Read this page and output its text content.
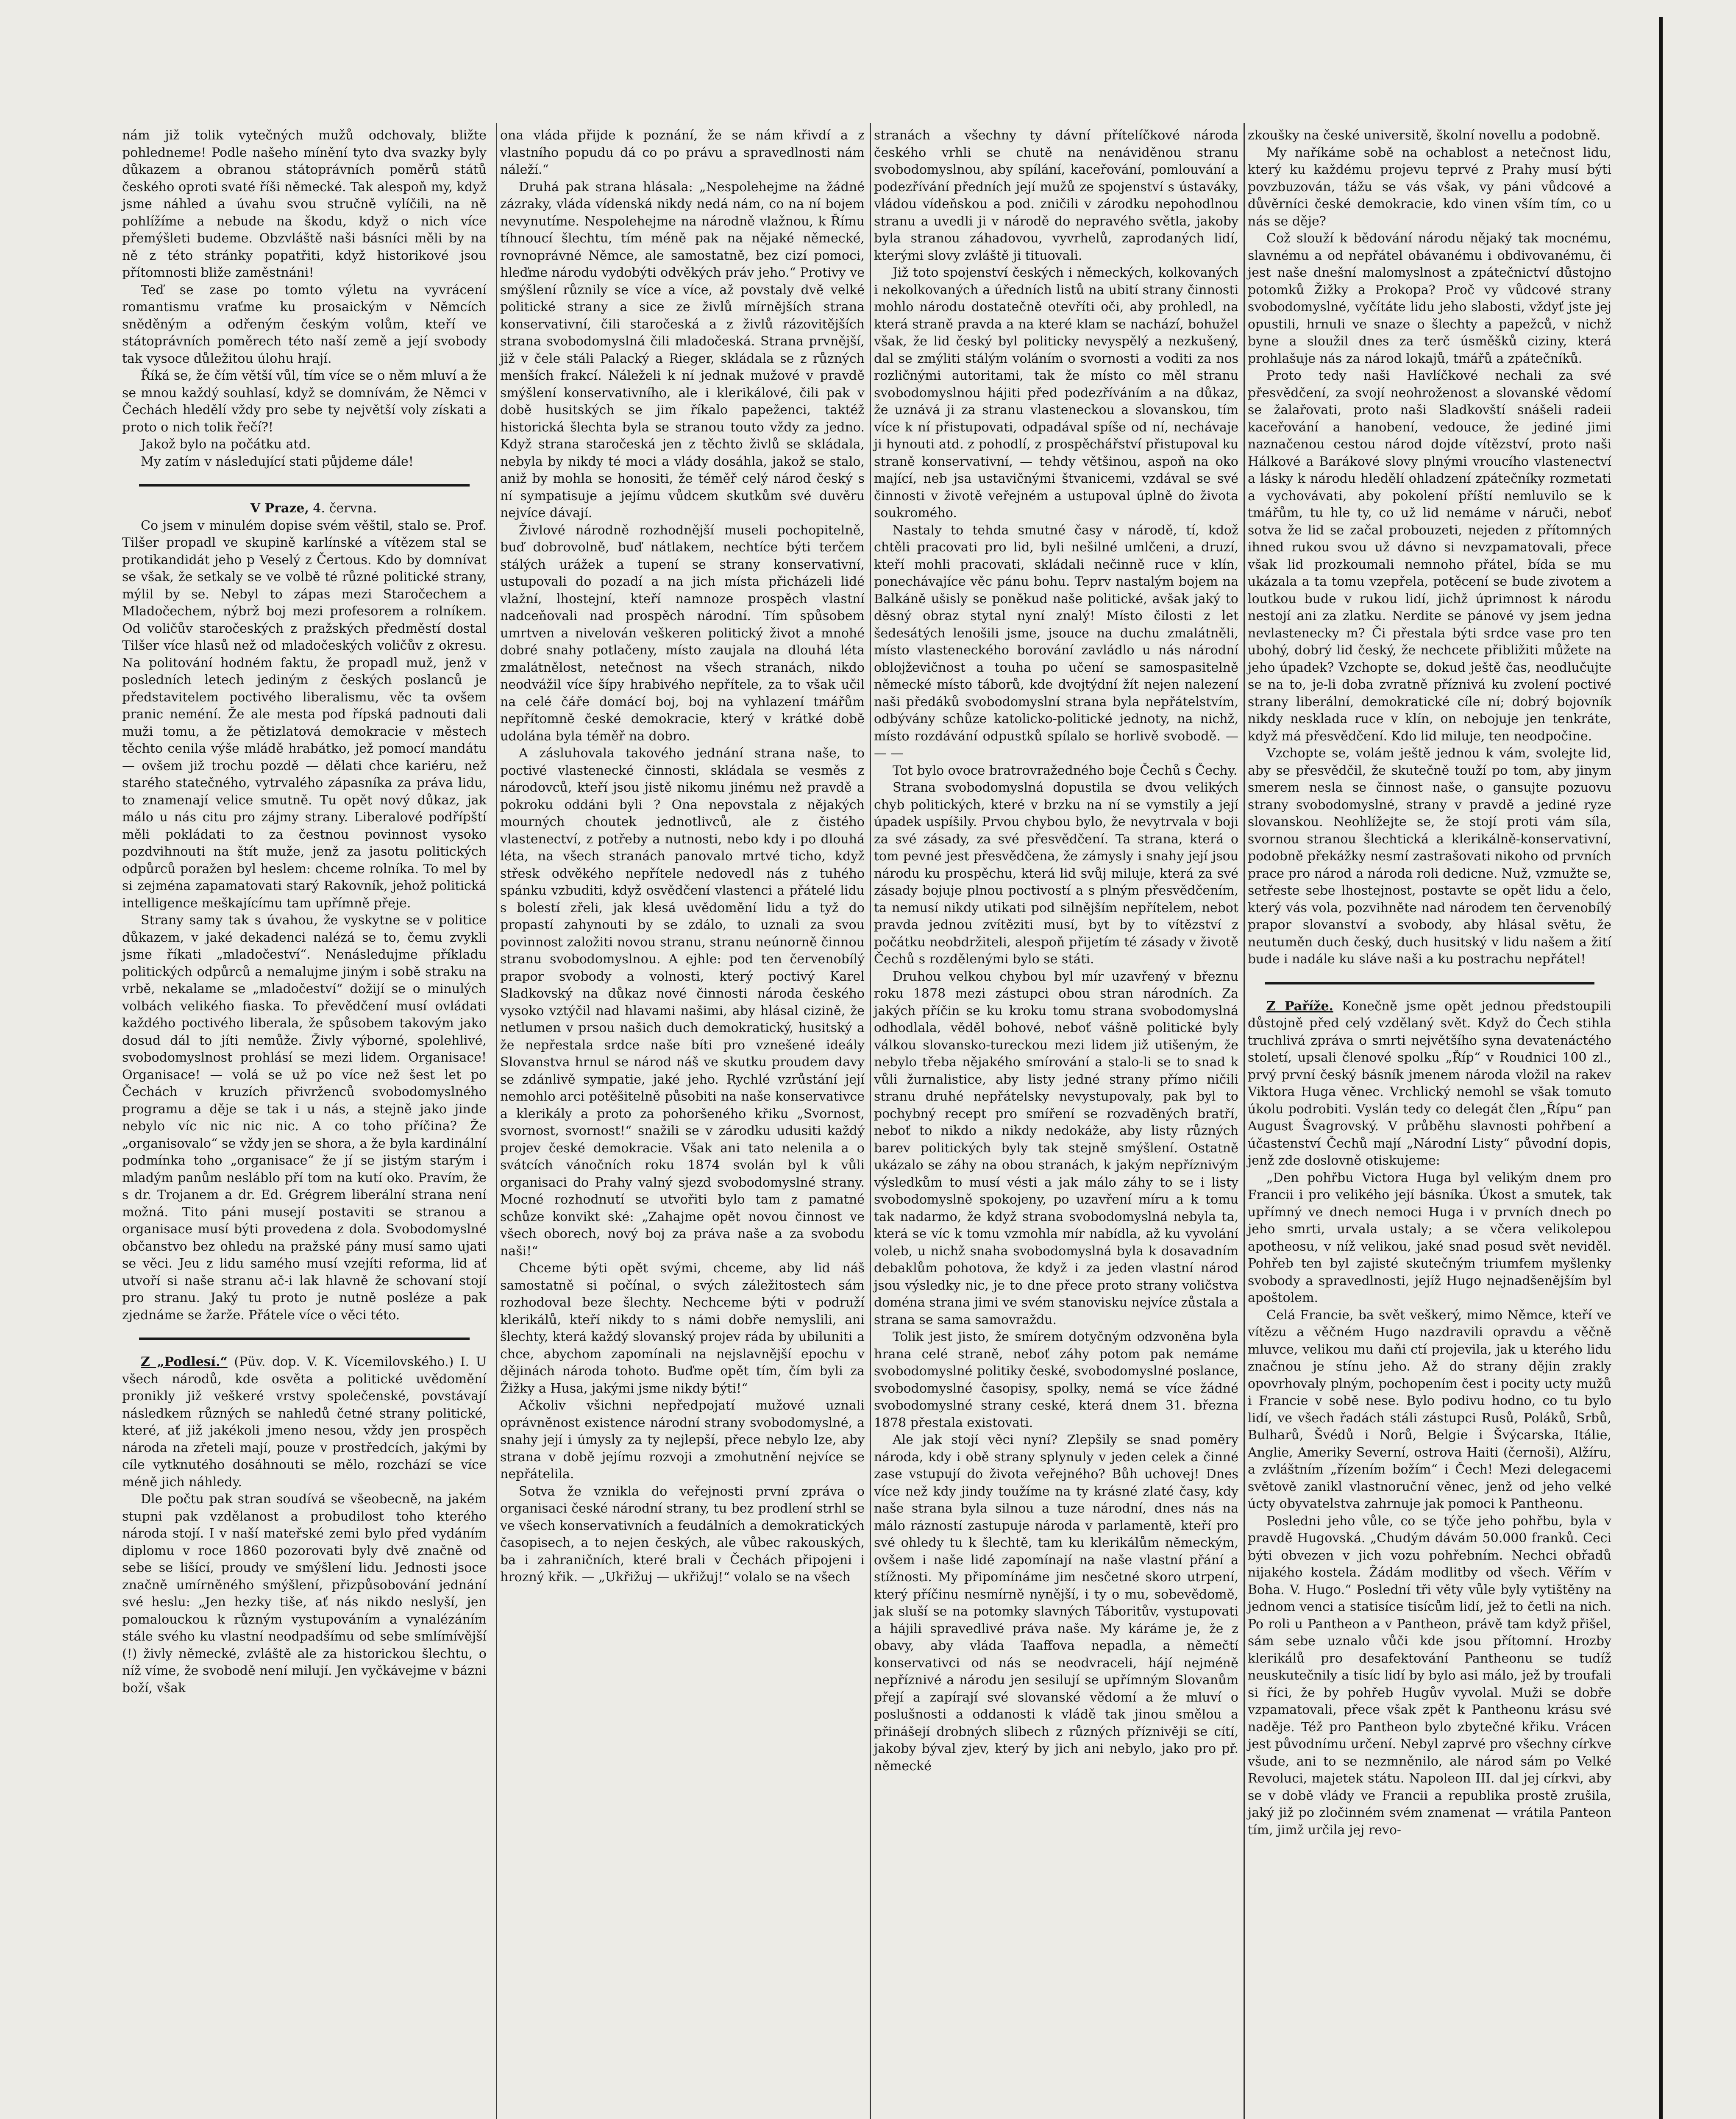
nám již tolik vytečných mužů odchovaly, bližte pohledneme! Podle našeho mínění tyto dva svazky byly důkazem a obranou státoprávních poměrů států českého oproti svaté říši německé. Tak alespoň my, když jsme náhled a úvahu svou stručně vylíčili, na ně pohlížíme a nebude na škodu, když o nich více přemýšleti budeme. Obzvláště naši básníci měli by na ně z této stránky popatřiti, když historikové jsou přítomnosti bliže zaměstnáni!

Teď se zase po tomto výletu na vyvrácení romantismu vraťme ku prosaickým v Němcích sněděným a odřeným českým volům, kteří ve státoprávních poměrech této naší země a její svobody tak vysoce důležitou úlohu hrají.

Říká se, že čím větší vůl, tím více se o něm mluví a že se mnou každý souhlasí, když se domnívám, že Němci v Čechách hledělí vždy pro sebe ty největší voly získati a proto o nich tolik řečí?!

Jakož bylo na počátku atd.

My zatím v následující stati půjdeme dále!

V Praze, 4. června.

Co jsem v minulém dopise svém věštil, stalo se. Prof. Tilšer propadl ve skupině karlínské a vítězem stal se protikandidát jeho p Veselý z Čertous. Kdo by domnívat se však, že setkaly se ve volbě té různé politické strany, mýlil by se. Nebyl to zápas mezi Staročechem a Mladočechem, nýbrž boj mezi profesorem a rolníkem. Od voličův staročeských z pražských předměstí dostal Tilšer více hlasů než od mladočeských voličův z okresu. Na politování hodném faktu, že propadl muž, jenž v posledních letech jediným z českých poslanců je představitelem poctivého liberalismu, věc ta ovšem pranic neméní. Že ale mesta pod řípská padnouti dali muži tomu, a že pětizlatová demokracie v městech těchto cenila výše mládě hrabátko, jež pomocí mandátu — ovšem již trochu pozdě — dělati chce kariéru, než starého statečného, vytrvalého zápasníka za práva lidu, to znamenají velice smutně. Tu opět nový důkaz, jak málo u nás citu pro zájmy strany. Liberalové podřípští měli pokládati to za čestnou povinnost vysoko pozdvihnouti na štít muže, jenž za jasotu politických odpůrců poražen byl heslem: chceme rolníka. To mel by si zejména zapamatovati starý Rakovník, jehož politická intelligence meškajícímu tam upřímně přeje.

Strany samy tak s úvahou, že vyskytne se v politice důkazem, v jaké dekadenci nalézá se to, čemu zvykli jsme říkati „mladočeství“. Nenásledujme příkladu politických odpůrců a nemalujme jiným i sobě straku na vrbě, nekalame se „mladočeství“ dožijí se o minulých volbách velikého fiaska. To převědčení musí ovládati každého poctivého liberala, že spůsobem takovým jako dosud dál to jíti nemůže. Živly výborné, spolehlivé, svobodomyslnost prohlásí se mezi lidem. Organisace! Organisace! — volá se už po více než šest let po Čechách v kruzích přivrženců svobodomyslného programu a děje se tak i u nás, a stejně jako jinde nebylo víc nic nic nic. A co toho příčina? Že „organisovalo“ se vždy jen se shora, a že byla kardinální podmínka toho „organisace“ že jí se jistým starým i mladým panům nesláblo pří tom na kutí oko. Pravím, že s dr. Trojanem a dr. Ed. Grégrem liberální strana není možná. Tito páni musejí postaviti se stranou a organisace musí býti provedena z dola. Svobodomyslné občanstvo bez ohledu na pražské pány musí samo ujati se věci. Jeu z lidu samého musí vzejíti reforma, lid ať utvoří si naše stranu ač-i lak hlavně že schovaní stojí pro stranu. Jaký tu proto je nutně posléze a pak zjednáme se žarže. Přátele více o věci této.

Z „Podlesí.“ (Püv. dop. V. K. Vícemilovského.) I. U všech národů, kde osvěta a politické uvědomění pronikly již veškeré vrstvy společenské, povstávají následkem různých se nahledů četné strany politické, které, ať již jakékoli jmeno nesou, vždy jen prospěch národa na zřeteli mají, pouze v prostředcích, jakými by cíle vytknutého dosáhnouti se mělo, rozchází se více méně jich náhledy.

Dle počtu pak stran soudívá se všeobecně, na jakém stupni pak vzdělanost a probudilost toho kterého národa stojí. I v naší mateřské zemi bylo před vydáním diplomu v roce 1860 pozorovati byly dvě značně od sebe se lišící, proudy ve smýšlení lidu. Jednosti jsoce značně umírněného smýšlení, přizpůsobování jednání své heslu: „Jen hezky tiše, ať nás nikdo neslyší, jen pomalouckou k různým vystupováním a vynalézáním stále svého ku vlastní neodpadšímu od sebe smlímívější (!) živly německé, zvláště ale za historickou šlechtu, o níž víme, že svobodě není milují. Jen vyčkávejme v bázni boží, však

ona vláda přijde k poznání, že se nám křivdí a z vlastního popudu dá co po právu a spravedlnosti nám náleží.“

Druhá pak strana hlásala: „Nespolehejme na žádné zázraky, vláda vídenská nikdy nedá nám, co na ní bojem nevynutíme. Nespolehejme na národně vlažnou, k Římu tíhnoucí šlechtu, tím méně pak na nějaké německé, rovnoprávné Němce, ale samostatně, bez cizí pomoci, hleďme národu vydobýti odvěkých práv jeho.“ Protivy ve smýšlení různily se více a více, až povstaly dvě velké politické strany a sice ze živlů mírnějších strana konservativní, čili staročeská a z živlů rázovitějších strana svobodomyslná čili mladočeská. Strana prvnější, již v čele stáli Palacký a Rieger, skládala se z různých menších frakcí. Náleželi k ní jednak mužové v pravdě smýšlení konservativního, ale i klerikálové, čili pak v době husitských se jim říkalo papeženci, taktéž historická šlechta byla se stranou touto vždy za jedno. Když strana staročeská jen z těchto živlů se skládala, nebyla by nikdy té moci a vlády dosáhla, jakož se stalo, aniž by mohla se honositi, že téměř celý národ český s ní sympatisuje a jejímu vůdcem skutkům své duvěru nejvíce dávají.

Živlové národně rozhodnější museli pochopitelně, buď dobrovolně, buď nátlakem, nechtíce býti terčem stálých urážek a tupení se strany konservativní, ustupovali do pozadí a na jich místa přicházeli lidé vlažní, lhostejní, kteří namnoze prospěch vlastní nadceňovali nad prospěch národní. Tím spůsobem umrtven a nivelován veškeren politický život a mnohé dobré snahy potlačeny, místo zaujala na dlouhá léta zmalátnělost, netečnost na všech stranách, nikdo neodvážil více šípy hrabivého nepřítele, za to však učil na celé čáře domácí boj, boj na vyhlazení tmářům nepřítomně české demokracie, který v krátké době udolána byla téměř na dobro.

A zásluhovala takového jednání strana naše, to poctivé vlastenecké činnosti, skládala se vesměs z národovců, kteří jsou jistě nikomu jinému než pravdě a pokroku oddáni byli ? Ona nepovstala z nějakých mourných choutek jednotlivců, ale z čistého vlastenectví, z potřeby a nutnosti, nebo kdy i po dlouhá léta, na všech stranách panovalo mrtvé ticho, když střesk odvěkého nepřítele nedovedl nás z tuhého spánku vzbuditi, když osvědčení vlastenci a přátelé lidu s bolestí zřeli, jak klesá uvědomění lidu a tyž do propastí zahynouti by se zdálo, to uznali za svou povinnost založiti novou stranu, stranu neúnorně činnou stranu svobodomyslnou. A ejhle: pod ten červenobílý prapor svobody a volnosti, který poctivý Karel Sladkovský na důkaz nové činnosti národa českého vysoko vztýčil nad hlavami našimi, aby hlásal cizině, že netlumen v prsou našich duch demokratický, husitský a že nepřestala srdce naše bíti pro vznešené ideály Slovanstva hrnul se národ náš ve skutku proudem davy se zdánlivě sympatie, jaké jeho. Rychlé vzrůstání její nemohlo arci potěšitelně působiti na naše konservativce a klerikály a proto za pohoršeného křiku „Svornost, svornost, svornost!“ snažili se v zárodku udusiti každý projev české demokracie. Však ani tato nelenila a o svátcích vánočních roku 1874 svolán byl k vůli organisaci do Prahy valný sjezd svobodomyslné strany. Mocné rozhodnutí se utvořiti bylo tam z pamatné schůze konvikt ské: „Zahajme opět novou činnost ve všech oborech, nový boj za práva naše a za svobodu naši!“

Chceme býti opět svými, chceme, aby lid náš samostatně si počínal, o svých záležitostech sám rozhodoval beze šlechty. Nechceme býti v podruží klerikálů, kteří nikdy to s námi dobře nemyslili, ani šlechty, která každý slovanský projev ráda by ubiluniti a chce, abychom zapomínali na nejslavnější epochu v dějinách národa tohoto. Buďme opět tím, čím byli za Žižky a Husa, jakými jsme nikdy býti!“

Ačkoliv všichni nepředpojatí mužové uznali oprávněnost existence národní strany svobodomyslné, a snahy její i úmysly za ty nejlepší, přece nebylo lze, aby strana v době jejímu rozvoji a zmohutnění nejvíce se nepřátelila.

Sotva že vznikla do veřejnosti první zpráva o organisaci české národní strany, tu bez prodlení strhl se ve všech konservativních a feudálních a demokratických časopisech, a to nejen českých, ale vůbec rakouských, ba i zahraničních, které brali v Čechách připojeni i hrozný křik. — „Ukřižuj — ukřižuj!“ volalo se na všech

stranách a všechny ty dávní přítelíčkové národa českého vrhli se chutě na nenáviděnou stranu svobodomyslnou, aby spílání, kaceřování, pomlouvání a podezřívání předních její mužů ze spojenství s ústaváky, vládou vídeňskou a pod. zničili v zárodku nepohodlnou stranu a uvedli ji v národě do nepravého světla, jakoby byla stranou záhadovou, vyvrhelů, zaprodaných lidí, kterými slovy zvláště ji tituovali.

Již toto spojenství českých i německých, kolkovaných i nekolkovaných a úředních listů na ubití strany činnosti mohlo národu dostatečně otevříti oči, aby prohledl, na která straně pravda a na které klam se nachází, bohužel však, že lid český byl politicky nevyspělý a nezkušený, dal se zmýliti stálým voláním o svornosti a voditi za nos rozličnými autoritami, tak že místo co měl stranu svobodomyslnou hájiti před podezříváním a na důkaz, že uznává ji za stranu vlasteneckou a slovanskou, tím více k ní přistupovati, odpadával spíše od ní, nechávaje ji hynouti atd. z pohodlí, z prospěchářství přistupoval ku straně konservativní, — tehdy většinou, aspoň na oko mající, neb jsa ustavičnými štvanicemi, vzdával se své činnosti v životě veřejném a ustupoval úplně do života soukromého.

Nastaly to tehda smutné časy v národě, tí, kdož chtěli pracovati pro lid, byli nešilné umlčeni, a druzí, kteří mohli pracovati, skládali nečinně ruce v klín, ponechávajíce věc pánu bohu. Teprv nastalým bojem na Balkáně ušisly se poněkud naše politické, avšak jaký to děsný obraz stytal nyní znalý! Místo čilosti z let šedesátých lenošili jsme, jsouce na duchu zmalátněli, místo vlasteneckého borování zavládlo u nás národní oblojževičnost a touha po učení se samospasitelně německé místo táborů, kde dvojtýdní žít nejen nalezení naši předáků svobodomyslní strana byla nepřátelstvím, odbývány schůze katolicko-politické jednoty, na nichž, místo rozdávání odpustků spílalo se horlivě svobodě. — — —

Tot bylo ovoce bratrovražedného boje Čechů s Čechy.

Strana svobodomyslná dopustila se dvou velikých chyb politických, které v brzku na ní se vymstily a její úpadek uspíšily. Prvou chybou bylo, že nevytrvala v boji za své zásady, za své přesvědčení. Ta strana, která o tom pevné jest přesvědčena, že zámysly i snahy její jsou národu ku prospěchu, která lid svůj miluje, která za své zásady bojuje plnou poctivostí a s plným přesvědčením, ta nemusí nikdy utikati pod silnějším nepřítelem, nebot pravda jednou zvítěziti musí, byt by to vítězství z počátku neobdržiteli, alespoň přijetím té zásady v životě Čechů s rozdělenými bylo se státi.

Druhou velkou chybou byl mír uzavřený v březnu roku 1878 mezi zástupci obou stran národních. Za jakých příčin se ku kroku tomu strana svobodomyslná odhodlala, věděl bohové, neboť vášně politické byly válkou slovansko-tureckou mezi lidem již utišeným, že nebylo třeba nějakého smírování a stalo-li se to snad k vůli žurnalistice, aby listy jedné strany přímo ničili stranu druhé nepřátelsky nevystupovaly, pak byl to pochybný recept pro smíření se rozvaděných bratří, neboť to nikdo a nikdy nedokáže, aby listy různých barev politických byly tak stejně smýšlení. Ostatně ukázalo se záhy na obou stranách, k jakým nepříznivým výsledkům to musí vésti a jak málo záhy to se i listy svobodomyslně spokojeny, po uzavření míru a k tomu tak nadarmo, že když strana svobodomyslná nebyla ta, která se víc k tomu vzmohla mír nabídla, až ku vyvolání voleb, u nichž snaha svobodomyslná byla k dosavadním debaklům pohotova, že když i za jeden vlastní národ jsou výsledky nic, je to dne přece proto strany voličstva doména strana jimi ve svém stanovisku nejvíce zůstala a strana se sama samovraždu.

Tolik jest jisto, že smírem dotyčným odzvoněna byla hrana celé straně, neboť záhy potom pak nemáme svobodomyslné politiky české, svobodomyslné poslance, svobodomyslné časopisy, spolky, nemá se více žádné svobodomyslné strany ceské, která dnem 31. března 1878 přestala existovati.

Ale jak stojí věci nyní? Zlepšily se snad poměry národa, kdy i obě strany splynuly v jeden celek a činné zase vstupují do života veřejného? Bůh uchovej! Dnes více než kdy jindy toužíme na ty krásné zlaté časy, kdy naše strana byla silnou a tuze národní, dnes nás na málo rázností zastupuje národa v parlamentě, kteří pro své ohledy tu k šlechtě, tam ku klerikálům německým, ovšem i naše lidé zapomínají na naše vlastní přání a stížnosti. My připomínáme jim nesčetné skoro utrpení, který příčinu nesmírně nynější, i ty o mu, sobevědomě, jak sluší se na potomky slavných Táboritův, vystupovati a hájili spravedlivé práva naše. My káráme je, že z obavy, aby vláda Taaffova nepadla, a němečtí konservativci od nás se neodvraceli, hájí nejméně nepříznivé a národu jen sesilují se upřímným Slovanům přejí a zapírají své slovanské vědomí a že mluví o poslušnosti a oddanosti k vládě tak jinou smělou a přinášejí drobných slibech z různých příznivěji se cítí, jakoby býval zjev, který by jich ani nebylo, jako pro př. německé

zkoušky na české universitě, školní novellu a podobně.

My naříkáme sobě na ochablost a netečnost lidu, který ku každému projevu teprvé z Prahy musí býti povzbuzován, tážu se vás však, vy páni vůdcové a důvěrníci české demokracie, kdo vinen vším tím, co u nás se děje?

Což slouží k bědování národu nějaký tak mocnému, slavnému a od nepřátel obávanému i obdivovanému, či jest naše dnešní malomyslnost a zpátečnictví důstojno potomků Žižky a Prokopa? Proč vy vůdcové strany svobodomyslné, vyčítáte lidu jeho slabosti, vždyť jste jej opustili, hrnuli ve snaze o šlechty a papežců, v nichž byne a sloužil dnes za terč úsměšků ciziny, která prohlašuje nás za národ lokajů, tmářů a zpátečníků.

Proto tedy naši Havlíčkové nechali za své přesvědčení, za svojí neohroženost a slovanské vědomí se žalařovati, proto naši Sladkovští snášeli radeii kaceřování a hanobení, vedouce, že jediné jimi naznačenou cestou národ dojde vítězství, proto naši Hálkové a Barákové slovy plnými vroucího vlastenectví a lásky k národu hledělí ohladzení zpátečníky rozmetati a vychovávati, aby pokolení příští nemluvilo se k tmářům, tu hle ty, co už lid nemáme v náruči, neboť sotva že lid se začal probouzeti, nejeden z přítomných ihned rukou svou už dávno si nevzpamatovali, přece však lid prozkoumali nemnoho přátel, bída se mu ukázala a ta tomu vzepřela, potěcení se bude zivotem a loutkou bude v rukou lidí, jichž úprimnost k národu nestojí ani za zlatku. Nerdite se pánové vy jsem jedna nevlastenecky m? Či přestala býti srdce vase pro ten ubohý, dobrý lid český, že nechcete přibližiti můžete na jeho úpadek? Vzchopte se, dokud ještě čas, neodlučujte se na to, je-li doba zvratně příznivá ku zvolení poctivé strany liberální, demokratické cíle ní; dobrý bojovník nikdy nesklada ruce v klín, on nebojuje jen tenkráte, když má přesvědčení. Kdo lid miluje, ten neodpočine.

Vzchopte se, volám ještě jednou k vám, svolejte lid, aby se přesvědčil, že skutečně touží po tom, aby jinym smerem nesla se činnost naše, o gansujte pozuovu strany svobodomyslné, strany v pravdě a jediné ryze slovanskou. Neohlížejte se, že stojí proti vám síla, svornou stranou šlechtická a klerikálně-konservativní, podobně překážky nesmí zastrašovati nikoho od prvních prace pro národ a národa roli dedicne. Nuž, vzmužte se, setřeste sebe lhostejnost, postavte se opět lidu a čelo, který vás vola, pozvihněte nad národem ten červenobílý prapor slovanství a svobody, aby hlásal světu, že neutuměn duch český, duch husitský v lidu našem a žití bude i nadále ku sláve naši a ku postrachu nepřátel!

Z Paříže. Konečně jsme opět jednou předstoupili důstojně před celý vzdělaný svět. Když do Čech stihla truchlivá zpráva o smrti největšího syna devatenáctého století, upsali členové spolku „Říp“ v Roudnici 100 zl., prvý první český básník jmenem národa vložil na rakev Viktora Huga věnec. Vrchlický nemohl se však tomuto úkolu podrobiti. Vyslán tedy co delegát člen „Řípu“ pan August Švagrovský. V průběhu slavnosti pohřbení a účastenství Čechů mají „Národní Listy“ původní dopis, jenž zde doslovně otiskujeme:

„Den pohřbu Victora Huga byl velikým dnem pro Francii i pro velikého její básníka. Úkost a smutek, tak upřímný ve dnech nemoci Huga i v prvních dnech po jeho smrti, urvala ustaly; a se včera velikolepou apotheosu, v níž velikou, jaké snad posud svět neviděl. Pohřeb ten byl zajisté skutečným triumfem myšlenky svobody a spravedlnosti, jejíž Hugo nejnadšenějším byl apoštolem.

Celá Francie, ba svět veškerý, mimo Němce, kteří ve vítězu a věčném Hugo nazdravili opravdu a věčně mluvce, velikou mu daňi ctí projevila, jak u kterého lidu značnou je stínu jeho. Až do strany dějin zrakly opovrhovaly plným, pochopením čest i pocity ucty mužů i Francie v sobě nese. Bylo podivu hodno, co tu bylo lidí, ve všech řadách stáli zástupci Rusů, Poláků, Srbů, Bulharů, Švédů i Norů, Belgie i Švýcarska, Itálie, Anglie, Ameriky Severní, ostrova Haiti (černoši), Alžíru, a zvláštním „řízením božím“ i Čech! Mezi delegacemi světově zanikl vlastnoruční věnec, jenž od jeho velké úcty obyvatelstva zahrnuje jak pomoci k Pantheonu.

Posledni jeho vůle, co se týče jeho pohřbu, byla v pravdě Hugovská. „Chudým dávám 50.000 franků. Ceci býti obvezen v jich vozu pohřebním. Nechci obřadů nijakého kostela. Žádám modlitby od všech. Věřím v Boha. V. Hugo.“ Poslední tři věty vůle byly vytištěny na jednom venci a statisíce tisícům lidí, jež to četli na nich. Po roli u Pantheon a v Pantheon, právě tam když přišel, sám sebe uznalo vůči kde jsou přítomní. Hrozby klerikálů pro desafektování Pantheonu se tudíž neuskutečnily a tisíc lidí by bylo asi málo, jež by troufali si říci, že by pohřeb Hugův vyvolal. Muži se dobře vzpamatovali, přece však zpět k Pantheonu krásu své naděje. Též pro Pantheon bylo zbytečné křiku. Vrácen jest původnímu určení. Nebyl zaprvé pro všechny církve všude, ani to se nezmněnilo, ale národ sám po Velké Revoluci, majetek státu. Napoleon III. dal jej církvi, aby se v době vlády ve Francii a republika prostě zrušila, jaký již po zločinném svém znamenat — vrátila Panteon tím, jimž určila jej revo-
